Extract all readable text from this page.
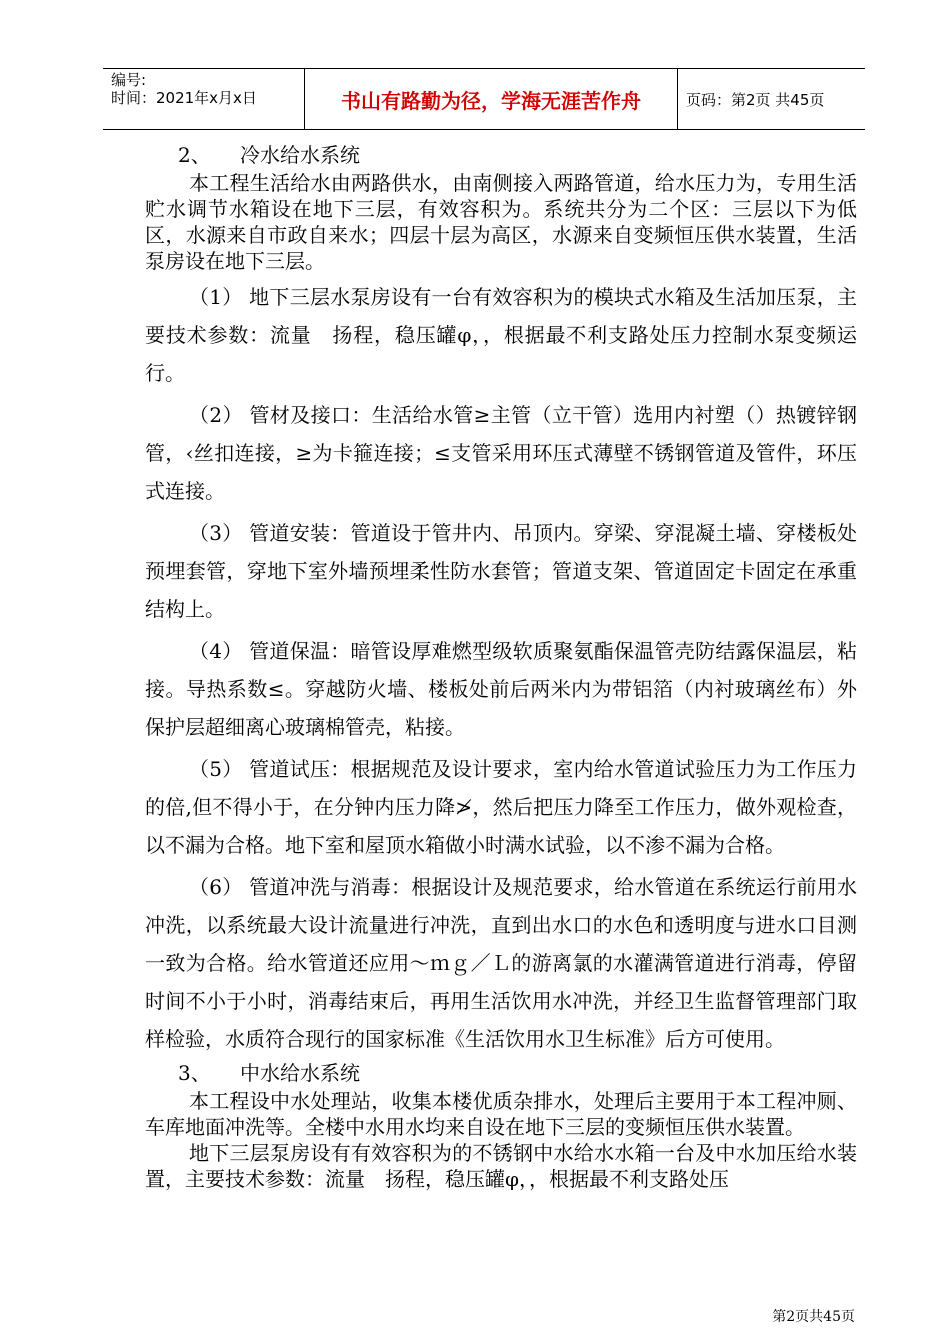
编号:
时间：2021年x月x日	书山有路勤为径，学海无涯苦作舟	页码：第2页 共45页

2、 冷水给水系统

本工程生活给水由两路供水，由南侧接入两路管道，给水压力为，专用生活贮水调节水箱设在地下三层，有效容积为。系统共分为二个区：三层以下为低区，水源来自市政自来水；四层十层为高区，水源来自变频恒压供水装置，生活泵房设在地下三层。

（1） 地下三层水泵房设有一台有效容积为的模块式水箱及生活加压泵，主要技术参数：流量　扬程，稳压罐φ，，根据最不利支路处压力控制水泵变频运行。

（2） 管材及接口：生活给水管≥主管（立干管）选用内衬塑（）热镀锌钢管，‹丝扣连接，≥为卡箍连接；≤支管采用环压式薄壁不锈钢管道及管件，环压式连接。

（3） 管道安装：管道设于管井内、吊顶内。穿梁、穿混凝土墙、穿楼板处预埋套管，穿地下室外墙预埋柔性防水套管；管道支架、管道固定卡固定在承重结构上。

（4） 管道保温：暗管设厚难燃型级软质聚氨酯保温管壳防结露保温层，粘接。导热系数≤。穿越防火墙、楼板处前后两米内为带铝箔（内衬玻璃丝布）外保护层超细离心玻璃棉管壳，粘接。

（5） 管道试压：根据规范及设计要求，室内给水管道试验压力为工作压力的倍,但不得小于，在分钟内压力降≯，然后把压力降至工作压力，做外观检查，以不漏为合格。地下室和屋顶水箱做小时满水试验，以不渗不漏为合格。

（6） 管道冲洗与消毒：根据设计及规范要求，给水管道在系统运行前用水冲洗，以系统最大设计流量进行冲洗，直到出水口的水色和透明度与进水口目测一致为合格。给水管道还应用～ｍｇ／Ｌ的游离氯的水灌满管道进行消毒，停留时间不小于小时，消毒结束后，再用生活饮用水冲洗，并经卫生监督管理部门取样检验，水质符合现行的国家标准《生活饮用水卫生标准》后方可使用。

3、 中水给水系统

本工程设中水处理站，收集本楼优质杂排水，处理后主要用于本工程冲厕、车库地面冲洗等。全楼中水用水均来自设在地下三层的变频恒压供水装置。

地下三层泵房设有有效容积为的不锈钢中水给水水箱一台及中水加压给水装置，主要技术参数：流量　扬程，稳压罐φ，，根据最不利支路处压

第2页共45页
